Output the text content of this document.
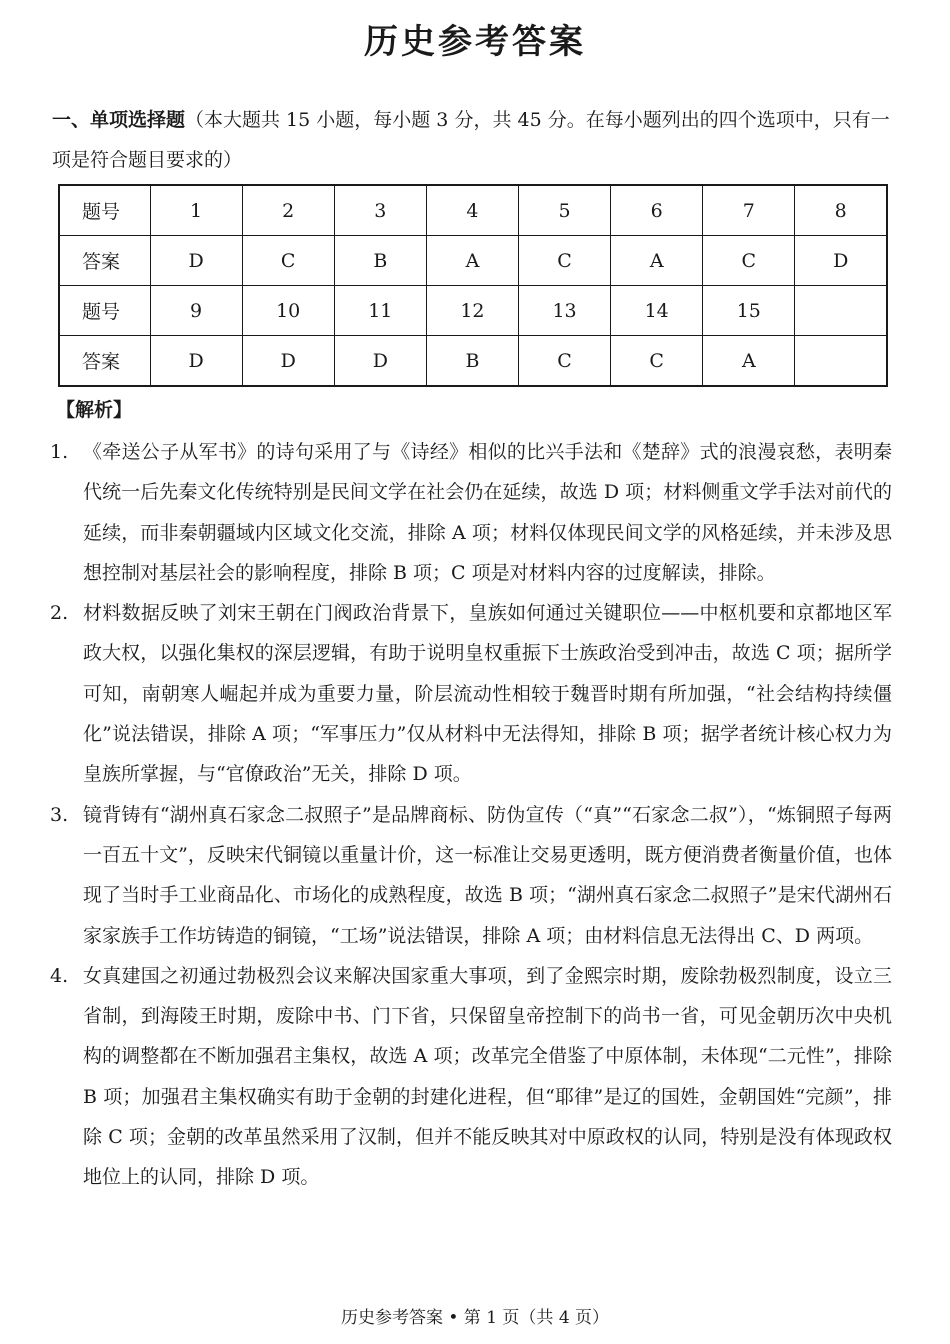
历史参考答案

一、单项选择题（本大题共 15 小题，每小题 3 分，共 45 分。在每小题列出的四个选项中，只有一项是符合题目要求的）

题号	1	2	3	4	5	6	7	8
答案	D	C	B	A	C	A	C	D
题号	9	10	11	12	13	14	15	
答案	D	D	D	B	C	C	A	

【解析】

1. 《牵送公子从军书》的诗句采用了与《诗经》相似的比兴手法和《楚辞》式的浪漫哀愁，表明秦代统一后先秦文化传统特别是民间文学在社会仍在延续，故选 D 项；材料侧重文学手法对前代的延续，而非秦朝疆域内区域文化交流，排除 A 项；材料仅体现民间文学的风格延续，并未涉及思想控制对基层社会的影响程度，排除 B 项；C 项是对材料内容的过度解读，排除。

2. 材料数据反映了刘宋王朝在门阀政治背景下，皇族如何通过关键职位——中枢机要和京都地区军政大权，以强化集权的深层逻辑，有助于说明皇权重振下士族政治受到冲击，故选 C 项；据所学可知，南朝寒人崛起并成为重要力量，阶层流动性相较于魏晋时期有所加强，“社会结构持续僵化”说法错误，排除 A 项；“军事压力”仅从材料中无法得知，排除 B 项；据学者统计核心权力为皇族所掌握，与“官僚政治”无关，排除 D 项。

3. 镜背铸有“湖州真石家念二叔照子”是品牌商标、防伪宣传（“真”“石家念二叔”），“炼铜照子每两一百五十文”，反映宋代铜镜以重量计价，这一标准让交易更透明，既方便消费者衡量价值，也体现了当时手工业商品化、市场化的成熟程度，故选 B 项；“湖州真石家念二叔照子”是宋代湖州石家家族手工作坊铸造的铜镜，“工场”说法错误，排除 A 项；由材料信息无法得出 C、D 两项。

4. 女真建国之初通过勃极烈会议来解决国家重大事项，到了金熙宗时期，废除勃极烈制度，设立三省制，到海陵王时期，废除中书、门下省，只保留皇帝控制下的尚书一省，可见金朝历次中央机构的调整都在不断加强君主集权，故选 A 项；改革完全借鉴了中原体制，未体现“二元性”，排除 B 项；加强君主集权确实有助于金朝的封建化进程，但“耶律”是辽的国姓，金朝国姓“完颜”，排除 C 项；金朝的改革虽然采用了汉制，但并不能反映其对中原政权的认同，特别是没有体现政权地位上的认同，排除 D 项。

历史参考答案 • 第 1 页（共 4 页）
